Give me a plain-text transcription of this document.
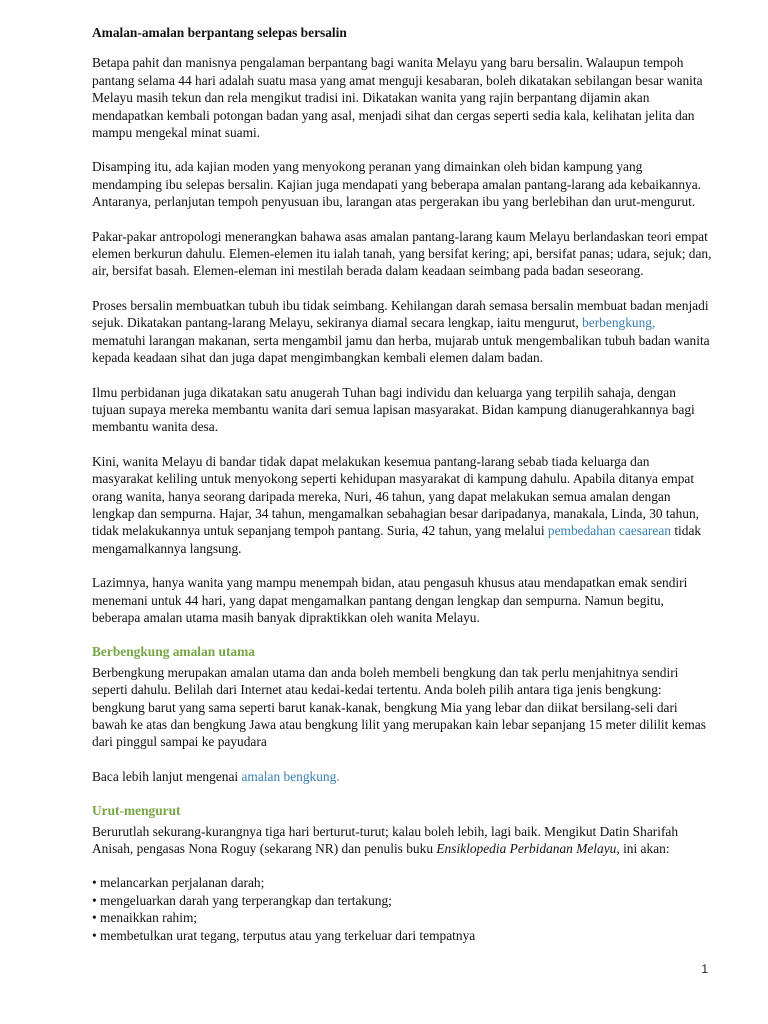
Amalan-amalan berpantang selepas bersalin

Betapa pahit dan manisnya pengalaman berpantang bagi wanita Melayu yang baru bersalin. Walaupun tempoh pantang selama 44 hari adalah suatu masa yang amat menguji kesabaran, boleh dikatakan sebilangan besar wanita Melayu masih tekun dan rela mengikut tradisi ini. Dikatakan wanita yang rajin berpantang dijamin akan mendapatkan kembali potongan badan yang asal, menjadi sihat dan cergas seperti sedia kala, kelihatan jelita dan mampu mengekal minat suami.

Disamping itu, ada kajian moden yang menyokong peranan yang dimainkan oleh bidan kampung yang mendamping ibu selepas bersalin. Kajian juga mendapati yang beberapa amalan pantang-larang ada kebaikannya. Antaranya, perlanjutan tempoh penyusuan ibu, larangan atas pergerakan ibu yang berlebihan dan urut-mengurut.

Pakar-pakar antropologi menerangkan bahawa asas amalan pantang-larang kaum Melayu berlandaskan teori empat elemen berkurun dahulu. Elemen-elemen itu ialah tanah, yang bersifat kering; api, bersifat panas; udara, sejuk; dan, air, bersifat basah. Elemen-eleman ini mestilah berada dalam keadaan seimbang pada badan seseorang.

Proses bersalin membuatkan tubuh ibu tidak seimbang. Kehilangan darah semasa bersalin membuat badan menjadi sejuk. Dikatakan pantang-larang Melayu, sekiranya diamal secara lengkap, iaitu mengurut, berbengkung, mematuhi larangan makanan, serta mengambil jamu dan herba, mujarab untuk mengembalikan tubuh badan wanita kepada keadaan sihat dan juga dapat mengimbangkan kembali elemen dalam badan.

Ilmu perbidanan juga dikatakan satu anugerah Tuhan bagi individu dan keluarga yang terpilih sahaja, dengan tujuan supaya mereka membantu wanita dari semua lapisan masyarakat. Bidan kampung dianugerahkannya bagi membantu wanita desa.

Kini, wanita Melayu di bandar tidak dapat melakukan kesemua pantang-larang sebab tiada keluarga dan masyarakat keliling untuk menyokong seperti kehidupan masyarakat di kampung dahulu. Apabila ditanya empat orang wanita, hanya seorang daripada mereka, Nuri, 46 tahun, yang dapat melakukan semua amalan dengan lengkap dan sempurna. Hajar, 34 tahun, mengamalkan sebahagian besar daripadanya, manakala, Linda, 30 tahun, tidak melakukannya untuk sepanjang tempoh pantang. Suria, 42 tahun, yang melalui pembedahan caesarean tidak mengamalkannya langsung.

Lazimnya, hanya wanita yang mampu menempah bidan, atau pengasuh khusus atau mendapatkan emak sendiri menemani untuk 44 hari, yang dapat mengamalkan pantang dengan lengkap dan sempurna. Namun begitu, beberapa amalan utama masih banyak dipraktikkan oleh wanita Melayu.

Berbengkung amalan utama

Berbengkung merupakan amalan utama dan anda boleh membeli bengkung dan tak perlu menjahitnya sendiri seperti dahulu. Belilah dari Internet atau kedai-kedai tertentu. Anda boleh pilih antara tiga jenis bengkung: bengkung barut yang sama seperti barut kanak-kanak, bengkung Mia yang lebar dan diikat bersilang-seli dari bawah ke atas dan bengkung Jawa atau bengkung lilit yang merupakan kain lebar sepanjang 15 meter dililit kemas dari pinggul sampai ke payudara

Baca lebih lanjut mengenai amalan bengkung.

Urut-mengurut

Berurutlah sekurang-kurangnya tiga hari berturut-turut; kalau boleh lebih, lagi baik. Mengikut Datin Sharifah Anisah, pengasas Nona Roguy (sekarang NR) dan penulis buku Ensiklopedia Perbidanan Melayu, ini akan:

• melancarkan perjalanan darah;
• mengeluarkan darah yang terperangkap dan tertakung;
• menaikkan rahim;
• membetulkan urat tegang, terputus atau yang terkeluar dari tempatnya
1
